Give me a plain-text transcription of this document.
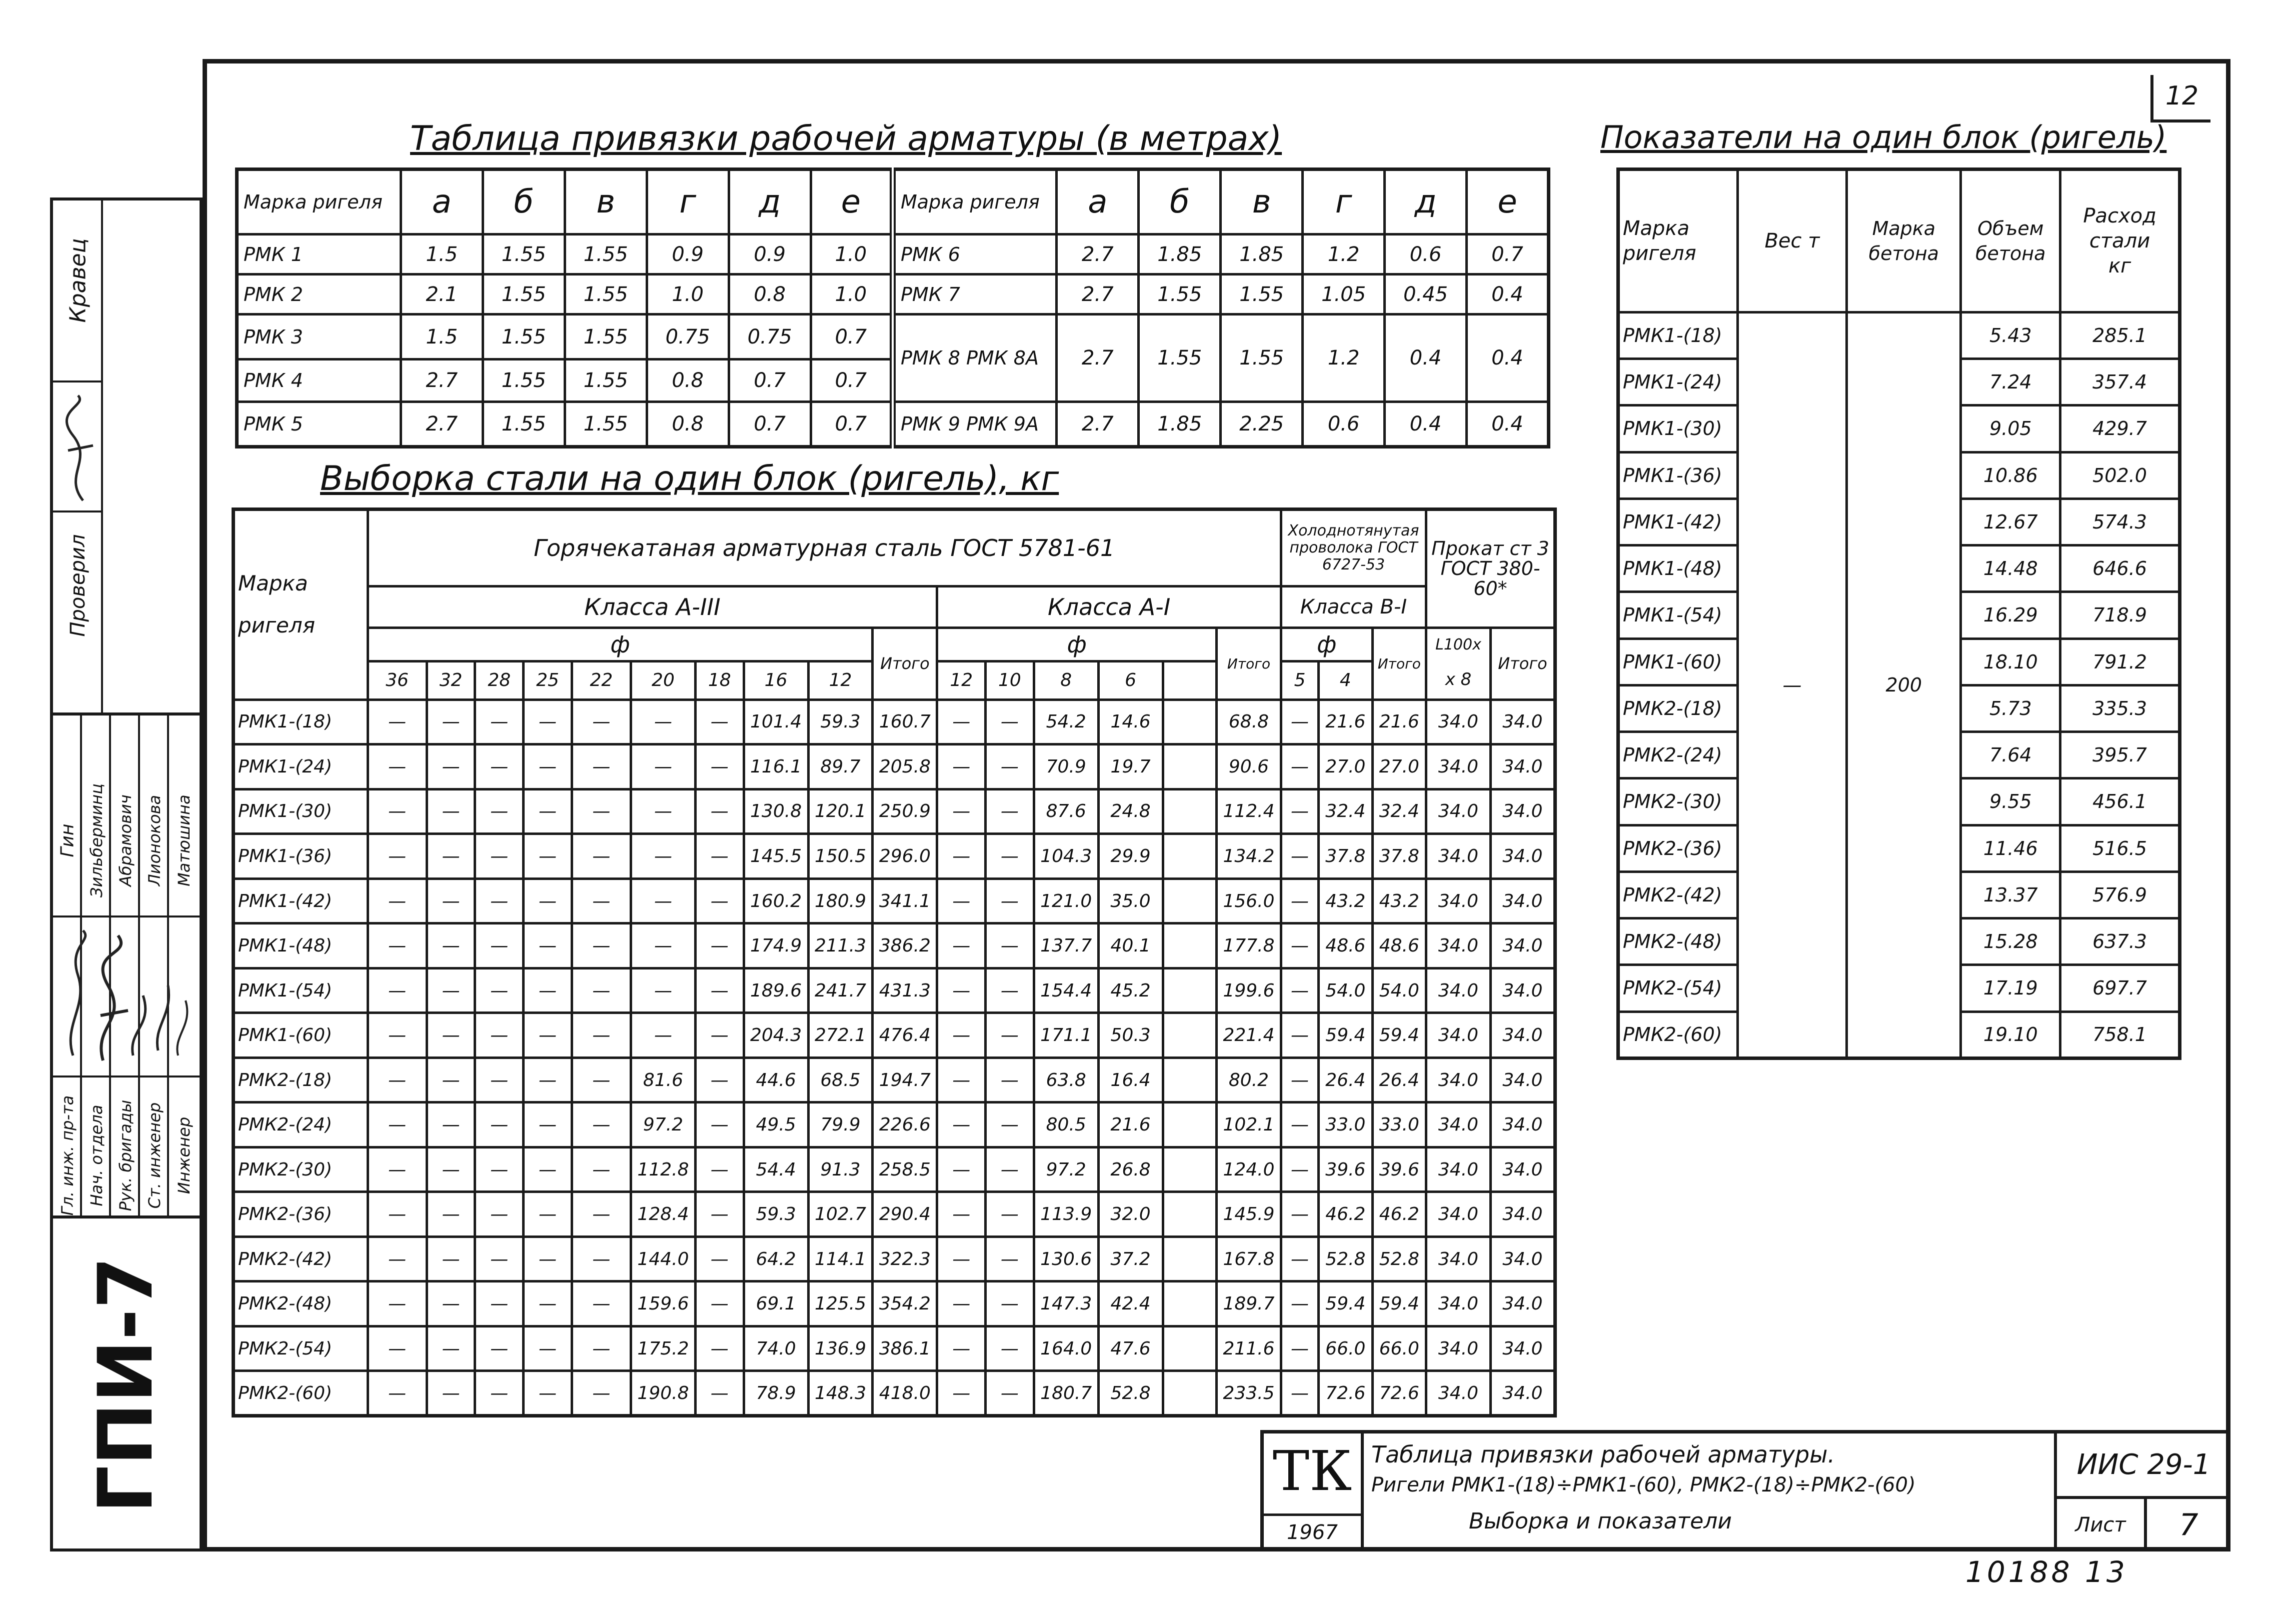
12
ГПИ-7
Гл. инж. пр-та
Гин
Нач. отдела
Зильберминц
Рук. бригады
Абрамович
Ст. инженер
Лионокова
Инженер
Матюшина
Проверил
Кравец
Таблица привязки рабочей арматуры (в метрах)
Марка ригеля	а	б	в	г	д	е	Марка ригеля	а	б	в	г	д	е
РМК 1	1.5	1.55	1.55	0.9	0.9	1.0	РМК 6	2.7	1.85	1.85	1.2	0.6	0.7
РМК 2	2.1	1.55	1.55	1.0	0.8	1.0	РМК 7	2.7	1.55	1.55	1.05	0.45	0.4
РМК 3	1.5	1.55	1.55	0.75	0.75	0.7	РМК 8 РМК 8А	2.7	1.55	1.55	1.2	0.4	0.4
РМК 4	2.7	1.55	1.55	0.8	0.7	0.7							
РМК 5	2.7	1.55	1.55	0.8	0.7	0.7	РМК 9 РМК 9А	2.7	1.85	2.25	0.6	0.4	0.4
Выборка стали на один блок (ригель), кг
Марка ригеля	Горячекатаная арматурная сталь ГОСТ 5781-61																Холоднотянутая проволока ГОСТ 6727-53			Прокат ст 3 ГОСТ 380-60*	
	Класса А-III										Класса А-I						Класса В-I				
	ф									Итого	ф					Итого	ф		Итого	L100x	Итого
	36	32	28	25	22	20	18	16	12		12	10	8	6			5	4		x 8	
РМК1-(18)	—	—	—	—	—	—	—	101.4	59.3	160.7	—	—	54.2	14.6		68.8	—	21.6	21.6	34.0	34.0
РМК1-(24)	—	—	—	—	—	—	—	116.1	89.7	205.8	—	—	70.9	19.7		90.6	—	27.0	27.0	34.0	34.0
РМК1-(30)	—	—	—	—	—	—	—	130.8	120.1	250.9	—	—	87.6	24.8		112.4	—	32.4	32.4	34.0	34.0
РМК1-(36)	—	—	—	—	—	—	—	145.5	150.5	296.0	—	—	104.3	29.9		134.2	—	37.8	37.8	34.0	34.0
РМК1-(42)	—	—	—	—	—	—	—	160.2	180.9	341.1	—	—	121.0	35.0		156.0	—	43.2	43.2	34.0	34.0
РМК1-(48)	—	—	—	—	—	—	—	174.9	211.3	386.2	—	—	137.7	40.1		177.8	—	48.6	48.6	34.0	34.0
РМК1-(54)	—	—	—	—	—	—	—	189.6	241.7	431.3	—	—	154.4	45.2		199.6	—	54.0	54.0	34.0	34.0
РМК1-(60)	—	—	—	—	—	—	—	204.3	272.1	476.4	—	—	171.1	50.3		221.4	—	59.4	59.4	34.0	34.0
РМК2-(18)	—	—	—	—	—	81.6	—	44.6	68.5	194.7	—	—	63.8	16.4		80.2	—	26.4	26.4	34.0	34.0
РМК2-(24)	—	—	—	—	—	97.2	—	49.5	79.9	226.6	—	—	80.5	21.6		102.1	—	33.0	33.0	34.0	34.0
РМК2-(30)	—	—	—	—	—	112.8	—	54.4	91.3	258.5	—	—	97.2	26.8		124.0	—	39.6	39.6	34.0	34.0
РМК2-(36)	—	—	—	—	—	128.4	—	59.3	102.7	290.4	—	—	113.9	32.0		145.9	—	46.2	46.2	34.0	34.0
РМК2-(42)	—	—	—	—	—	144.0	—	64.2	114.1	322.3	—	—	130.6	37.2		167.8	—	52.8	52.8	34.0	34.0
РМК2-(48)	—	—	—	—	—	159.6	—	69.1	125.5	354.2	—	—	147.3	42.4		189.7	—	59.4	59.4	34.0	34.0
РМК2-(54)	—	—	—	—	—	175.2	—	74.0	136.9	386.1	—	—	164.0	47.6		211.6	—	66.0	66.0	34.0	34.0
РМК2-(60)	—	—	—	—	—	190.8	—	78.9	148.3	418.0	—	—	180.7	52.8		233.5	—	72.6	72.6	34.0	34.0
Показатели на один блок (ригель)
Марка ригеля	Вес т	Марка бетона	Объем бетона	Расход стали кг
РМК1-(18)	—	200	5.43	285.1
РМК1-(24)			7.24	357.4
РМК1-(30)			9.05	429.7
РМК1-(36)			10.86	502.0
РМК1-(42)			12.67	574.3
РМК1-(48)			14.48	646.6
РМК1-(54)			16.29	718.9
РМК1-(60)			18.10	791.2
РМК2-(18)			5.73	335.3
РМК2-(24)			7.64	395.7
РМК2-(30)			9.55	456.1
РМК2-(36)			11.46	516.5
РМК2-(42)			13.37	576.9
РМК2-(48)			15.28	637.3
РМК2-(54)			17.19	697.7
РМК2-(60)			19.10	758.1
ТК
1967
Таблица привязки рабочей арматуры.
Ригели РМК1-(18)÷РМК1-(60), РМК2-(18)÷РМК2-(60)
Выборка и показатели
ИИС 29-1
Лист	7
10188 13
